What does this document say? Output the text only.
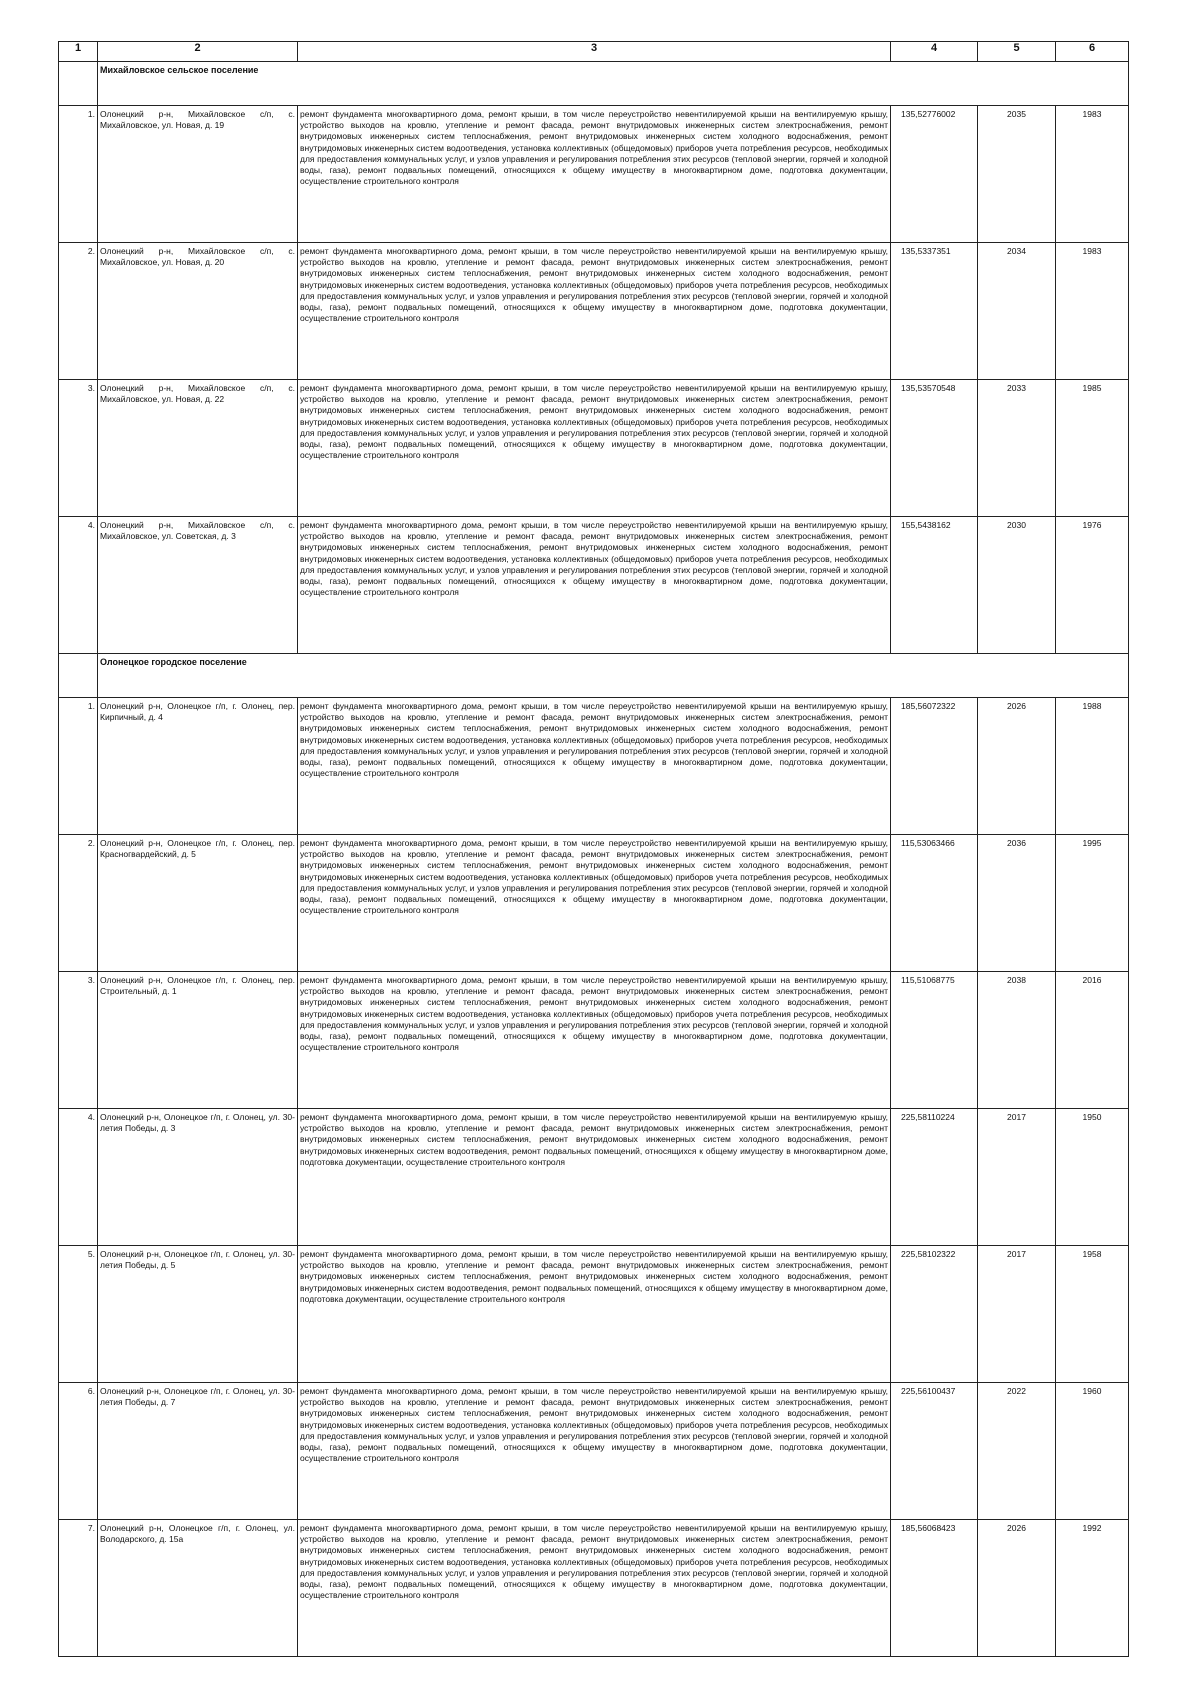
1	2	3	4	5	6
	Михайловское сельское поселение				
1.	Олонецкий р-н, Михайловское с/п, с. Михайловское, ул. Новая, д. 19	ремонт фундамента многоквартирного дома, ремонт крыши, в том числе переустройство невентилируемой крыши на вентилируемую крышу, устройство выходов на кровлю, утепление и ремонт фасада, ремонт внутридомовых инженерных систем электроснабжения, ремонт внутридомовых инженерных систем теплоснабжения, ремонт внутридомовых инженерных систем холодного водоснабжения, ремонт внутридомовых инженерных систем водоотведения, установка коллективных (общедомовых) приборов учета потребления ресурсов, необходимых для предоставления коммунальных услуг, и узлов управления и регулирования потребления этих ресурсов (тепловой энергии, горячей и холодной воды, газа), ремонт подвальных помещений, относящихся к общему имуществу в многоквартирном доме, подготовка документации, осуществление строительного контроля	135,52776002	2035	1983
2.	Олонецкий р-н, Михайловское с/п, с. Михайловское, ул. Новая, д. 20	ремонт фундамента многоквартирного дома, ремонт крыши, в том числе переустройство невентилируемой крыши на вентилируемую крышу, устройство выходов на кровлю, утепление и ремонт фасада, ремонт внутридомовых инженерных систем электроснабжения, ремонт внутридомовых инженерных систем теплоснабжения, ремонт внутридомовых инженерных систем холодного водоснабжения, ремонт внутридомовых инженерных систем водоотведения, установка коллективных (общедомовых) приборов учета потребления ресурсов, необходимых для предоставления коммунальных услуг, и узлов управления и регулирования потребления этих ресурсов (тепловой энергии, горячей и холодной воды, газа), ремонт подвальных помещений, относящихся к общему имуществу в многоквартирном доме, подготовка документации, осуществление строительного контроля	135,5337351	2034	1983
3.	Олонецкий р-н, Михайловское с/п, с. Михайловское, ул. Новая, д. 22	ремонт фундамента многоквартирного дома, ремонт крыши, в том числе переустройство невентилируемой крыши на вентилируемую крышу, устройство выходов на кровлю, утепление и ремонт фасада, ремонт внутридомовых инженерных систем электроснабжения, ремонт внутридомовых инженерных систем теплоснабжения, ремонт внутридомовых инженерных систем холодного водоснабжения, ремонт внутридомовых инженерных систем водоотведения, установка коллективных (общедомовых) приборов учета потребления ресурсов, необходимых для предоставления коммунальных услуг, и узлов управления и регулирования потребления этих ресурсов (тепловой энергии, горячей и холодной воды, газа), ремонт подвальных помещений, относящихся к общему имуществу в многоквартирном доме, подготовка документации, осуществление строительного контроля	135,53570548	2033	1985
4.	Олонецкий р-н, Михайловское с/п, с. Михайловское, ул. Советская, д. 3	ремонт фундамента многоквартирного дома, ремонт крыши, в том числе переустройство невентилируемой крыши на вентилируемую крышу, устройство выходов на кровлю, утепление и ремонт фасада, ремонт внутридомовых инженерных систем электроснабжения, ремонт внутридомовых инженерных систем теплоснабжения, ремонт внутридомовых инженерных систем холодного водоснабжения, ремонт внутридомовых инженерных систем водоотведения, установка коллективных (общедомовых) приборов учета потребления ресурсов, необходимых для предоставления коммунальных услуг, и узлов управления и регулирования потребления этих ресурсов (тепловой энергии, горячей и холодной воды, газа), ремонт подвальных помещений, относящихся к общему имуществу в многоквартирном доме, подготовка документации, осуществление строительного контроля	155,5438162	2030	1976
	Олонецкое городское поселение				
1.	Олонецкий р-н, Олонецкое г/п, г. Олонец, пер. Кирпичный, д. 4	ремонт фундамента многоквартирного дома, ремонт крыши, в том числе переустройство невентилируемой крыши на вентилируемую крышу, устройство выходов на кровлю, утепление и ремонт фасада, ремонт внутридомовых инженерных систем электроснабжения, ремонт внутридомовых инженерных систем теплоснабжения, ремонт внутридомовых инженерных систем холодного водоснабжения, ремонт внутридомовых инженерных систем водоотведения, установка коллективных (общедомовых) приборов учета потребления ресурсов, необходимых для предоставления коммунальных услуг, и узлов управления и регулирования потребления этих ресурсов (тепловой энергии, горячей и холодной воды, газа), ремонт подвальных помещений, относящихся к общему имуществу в многоквартирном доме, подготовка документации, осуществление строительного контроля	185,56072322	2026	1988
2.	Олонецкий р-н, Олонецкое г/п, г. Олонец, пер. Красногвардейский, д. 5	ремонт фундамента многоквартирного дома, ремонт крыши, в том числе переустройство невентилируемой крыши на вентилируемую крышу, устройство выходов на кровлю, утепление и ремонт фасада, ремонт внутридомовых инженерных систем электроснабжения, ремонт внутридомовых инженерных систем теплоснабжения, ремонт внутридомовых инженерных систем холодного водоснабжения, ремонт внутридомовых инженерных систем водоотведения, установка коллективных (общедомовых) приборов учета потребления ресурсов, необходимых для предоставления коммунальных услуг, и узлов управления и регулирования потребления этих ресурсов (тепловой энергии, горячей и холодной воды, газа), ремонт подвальных помещений, относящихся к общему имуществу в многоквартирном доме, подготовка документации, осуществление строительного контроля	115,53063466	2036	1995
3.	Олонецкий р-н, Олонецкое г/п, г. Олонец, пер. Строительный, д. 1	ремонт фундамента многоквартирного дома, ремонт крыши, в том числе переустройство невентилируемой крыши на вентилируемую крышу, устройство выходов на кровлю, утепление и ремонт фасада, ремонт внутридомовых инженерных систем электроснабжения, ремонт внутридомовых инженерных систем теплоснабжения, ремонт внутридомовых инженерных систем холодного водоснабжения, ремонт внутридомовых инженерных систем водоотведения, установка коллективных (общедомовых) приборов учета потребления ресурсов, необходимых для предоставления коммунальных услуг, и узлов управления и регулирования потребления этих ресурсов (тепловой энергии, горячей и холодной воды, газа), ремонт подвальных помещений, относящихся к общему имуществу в многоквартирном доме, подготовка документации, осуществление строительного контроля	115,51068775	2038	2016
4.	Олонецкий р-н, Олонецкое г/п, г. Олонец, ул. 30-летия Победы, д. 3	ремонт фундамента многоквартирного дома, ремонт крыши, в том числе переустройство невентилируемой крыши на вентилируемую крышу, устройство выходов на кровлю, утепление и ремонт фасада, ремонт внутридомовых инженерных систем электроснабжения, ремонт внутридомовых инженерных систем теплоснабжения, ремонт внутридомовых инженерных систем холодного водоснабжения, ремонт внутридомовых инженерных систем водоотведения, ремонт подвальных помещений, относящихся к общему имуществу в многоквартирном доме, подготовка документации, осуществление строительного контроля	225,58110224	2017	1950
5.	Олонецкий р-н, Олонецкое г/п, г. Олонец, ул. 30-летия Победы, д. 5	ремонт фундамента многоквартирного дома, ремонт крыши, в том числе переустройство невентилируемой крыши на вентилируемую крышу, устройство выходов на кровлю, утепление и ремонт фасада, ремонт внутридомовых инженерных систем электроснабжения, ремонт внутридомовых инженерных систем теплоснабжения, ремонт внутридомовых инженерных систем холодного водоснабжения, ремонт внутридомовых инженерных систем водоотведения, ремонт подвальных помещений, относящихся к общему имуществу в многоквартирном доме, подготовка документации, осуществление строительного контроля	225,58102322	2017	1958
6.	Олонецкий р-н, Олонецкое г/п, г. Олонец, ул. 30-летия Победы, д. 7	ремонт фундамента многоквартирного дома, ремонт крыши, в том числе переустройство невентилируемой крыши на вентилируемую крышу, устройство выходов на кровлю, утепление и ремонт фасада, ремонт внутридомовых инженерных систем электроснабжения, ремонт внутридомовых инженерных систем теплоснабжения, ремонт внутридомовых инженерных систем холодного водоснабжения, ремонт внутридомовых инженерных систем водоотведения, установка коллективных (общедомовых) приборов учета потребления ресурсов, необходимых для предоставления коммунальных услуг, и узлов управления и регулирования потребления этих ресурсов (тепловой энергии, горячей и холодной воды, газа), ремонт подвальных помещений, относящихся к общему имуществу в многоквартирном доме, подготовка документации, осуществление строительного контроля	225,56100437	2022	1960
7.	Олонецкий р-н, Олонецкое г/п, г. Олонец, ул. Володарского, д. 15а	ремонт фундамента многоквартирного дома, ремонт крыши, в том числе переустройство невентилируемой крыши на вентилируемую крышу, устройство выходов на кровлю, утепление и ремонт фасада, ремонт внутридомовых инженерных систем электроснабжения, ремонт внутридомовых инженерных систем теплоснабжения, ремонт внутридомовых инженерных систем холодного водоснабжения, ремонт внутридомовых инженерных систем водоотведения, установка коллективных (общедомовых) приборов учета потребления ресурсов, необходимых для предоставления коммунальных услуг, и узлов управления и регулирования потребления этих ресурсов (тепловой энергии, горячей и холодной воды, газа), ремонт подвальных помещений, относящихся к общему имуществу в многоквартирном доме, подготовка документации, осуществление строительного контроля	185,56068423	2026	1992
